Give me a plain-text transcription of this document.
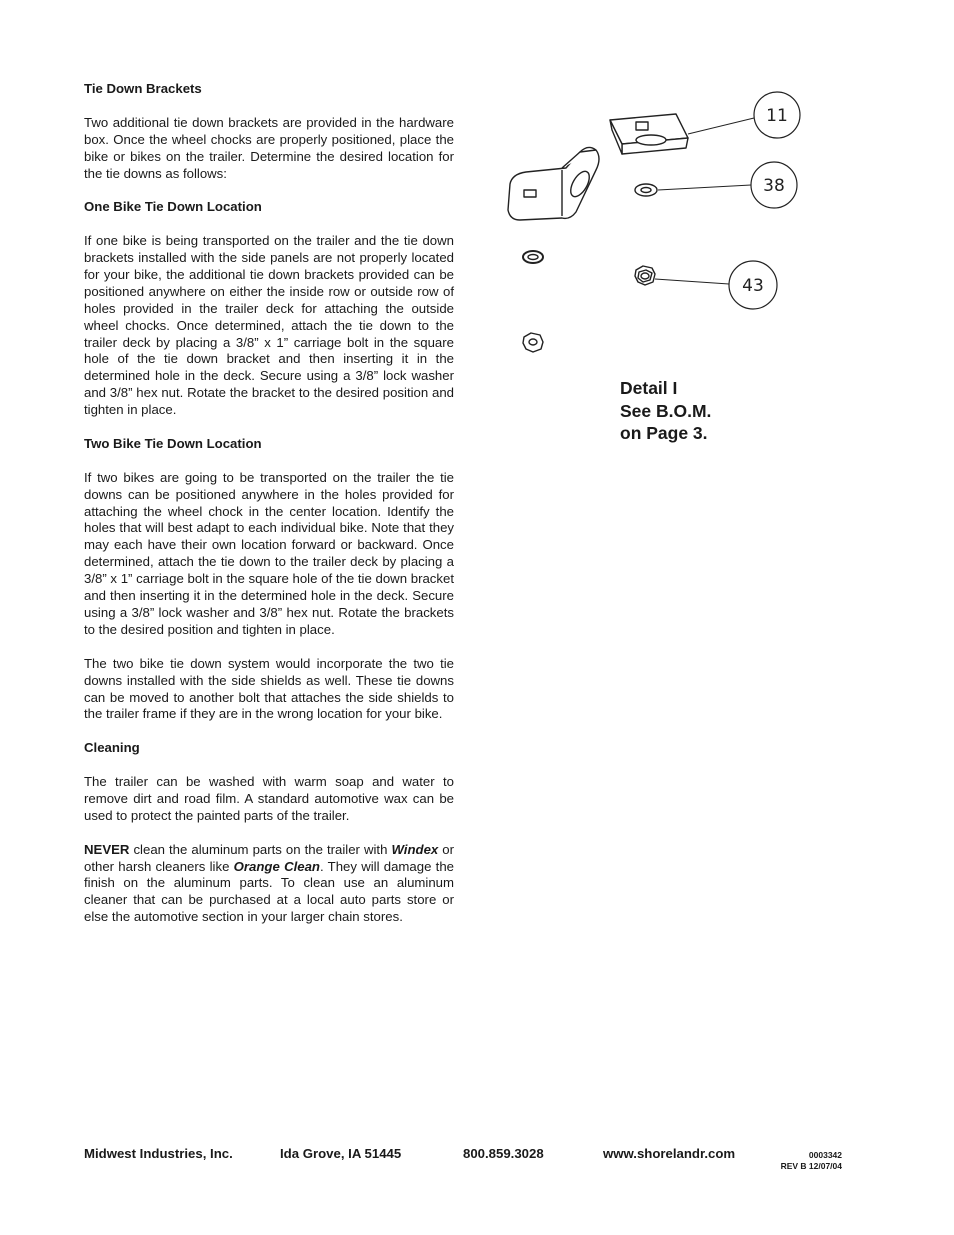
Tie Down Brackets

Two additional tie down brackets are provided in the hardware box. Once the wheel chocks are properly positioned, place the bike or bikes on the trailer. Determine the desired location for the tie downs as follows:

One Bike Tie Down Location

If one bike is being transported on the trailer and the tie down brackets installed with the side panels are not properly located for your bike, the additional tie down brackets provided can be positioned anywhere on either the inside row or outside row of holes provided in the trailer deck for attaching the outside wheel chocks. Once determined, attach the tie down to the trailer deck by placing a 3/8” x 1” carriage bolt in the square hole of the tie down bracket and then inserting it in the determined hole in the deck. Secure using a 3/8” lock washer and 3/8” hex nut. Rotate the bracket to the desired position and tighten in place.

Two Bike Tie Down Location

If two bikes are going to be transported on the trailer the tie downs can be positioned anywhere in the holes provided for attaching the wheel chock in the center location. Identify the holes that will best adapt to each individual bike. Note that they may each have their own location forward or backward. Once determined, attach the tie down to the trailer deck by placing a 3/8” x 1” carriage bolt in the square hole of the tie down bracket and then inserting it in the determined hole in the deck. Secure using a 3/8” lock washer and 3/8” hex nut. Rotate the brackets to the desired position and tighten in place.

The two bike tie down system would incorporate the two tie downs installed with the side shields as well. These tie downs can be moved to another bolt that attaches the side shields to the trailer frame if they are in the wrong location for your bike.

Cleaning

The trailer can be washed with warm soap and water to remove dirt and road film. A standard automotive wax can be used to protect the painted parts of the trailer.

NEVER clean the aluminum parts on the trailer with Windex or other harsh cleaners like Orange Clean. They will damage the finish on the aluminum parts. To clean use an aluminum cleaner that can be purchased at a local auto parts store or else the automotive section in your larger chain stores.

11
38
43
Detail I
See B.O.M.
on Page 3.
Midwest Industries, Inc.	Ida Grove, IA 51445	800.859.3028	www.shorelandr.com	0003342
REV B 12/07/04
